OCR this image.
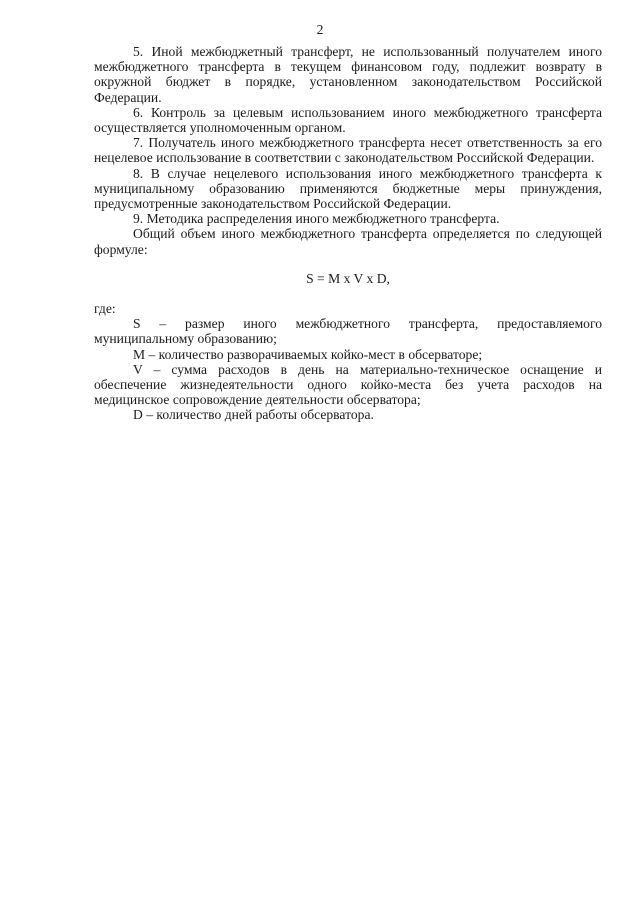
2

5. Иной межбюджетный трансферт, не использованный получателем иного межбюджетного трансферта в текущем финансовом году, подлежит возврату в окружной бюджет в порядке, установленном законодательством Российской Федерации.

6. Контроль за целевым использованием иного межбюджетного трансферта осуществляется уполномоченным органом.

7. Получатель иного межбюджетного трансферта несет ответственность за его нецелевое использование в соответствии с законодательством Российской Федерации.

8. В случае нецелевого использования иного межбюджетного трансферта к муниципальному образованию применяются бюджетные меры принуждения, предусмотренные законодательством Российской Федерации.

9. Методика распределения иного межбюджетного трансферта.

Общий объем иного межбюджетного трансферта определяется по следующей формуле:

S = M x V x D,

где:

S – размер иного межбюджетного трансферта, предоставляемого муниципальному образованию;

M – количество разворачиваемых койко-мест в обсерваторе;

V – сумма расходов в день на материально-техническое оснащение и обеспечение жизнедеятельности одного койко-места без учета расходов на медицинское сопровождение деятельности обсерватора;

D – количество дней работы обсерватора.
